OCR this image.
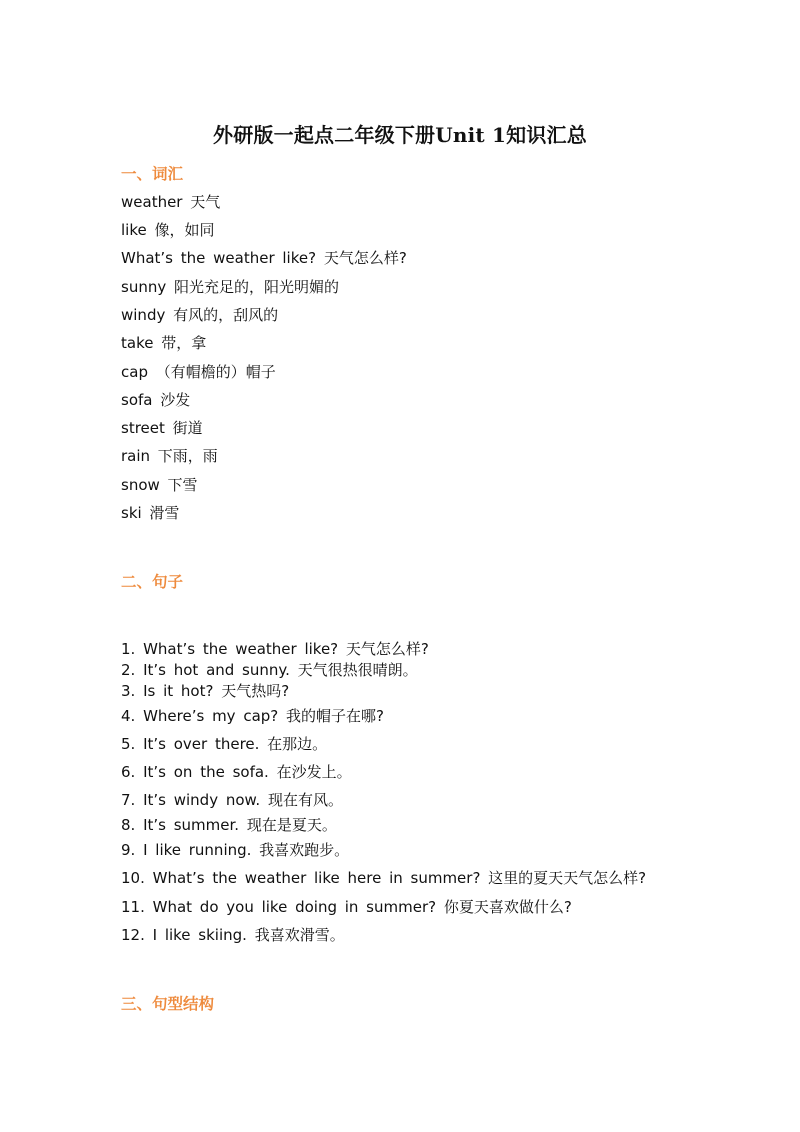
外研版一起点二年级下册Unit 1知识汇总
一、词汇
weather 天气
like 像，如同
What’s the weather like? 天气怎么样?
sunny 阳光充足的，阳光明媚的
windy 有风的，刮风的
take 带，拿
cap （有帽檐的）帽子
sofa 沙发
street 街道
rain 下雨，雨
snow 下雪
ski 滑雪
二、句子
1. What’s the weather like? 天气怎么样?
2. It’s hot and sunny. 天气很热很晴朗。
3. Is it hot? 天气热吗?
4. Where’s my cap? 我的帽子在哪?
5. It’s over there. 在那边。
6. It’s on the sofa. 在沙发上。
7. It’s windy now. 现在有风。
8. It’s summer. 现在是夏天。
9. I like running. 我喜欢跑步。
10. What’s the weather like here in summer? 这里的夏天天气怎么样?
11. What do you like doing in summer? 你夏天喜欢做什么?
12. I like skiing. 我喜欢滑雪。
三、句型结构
